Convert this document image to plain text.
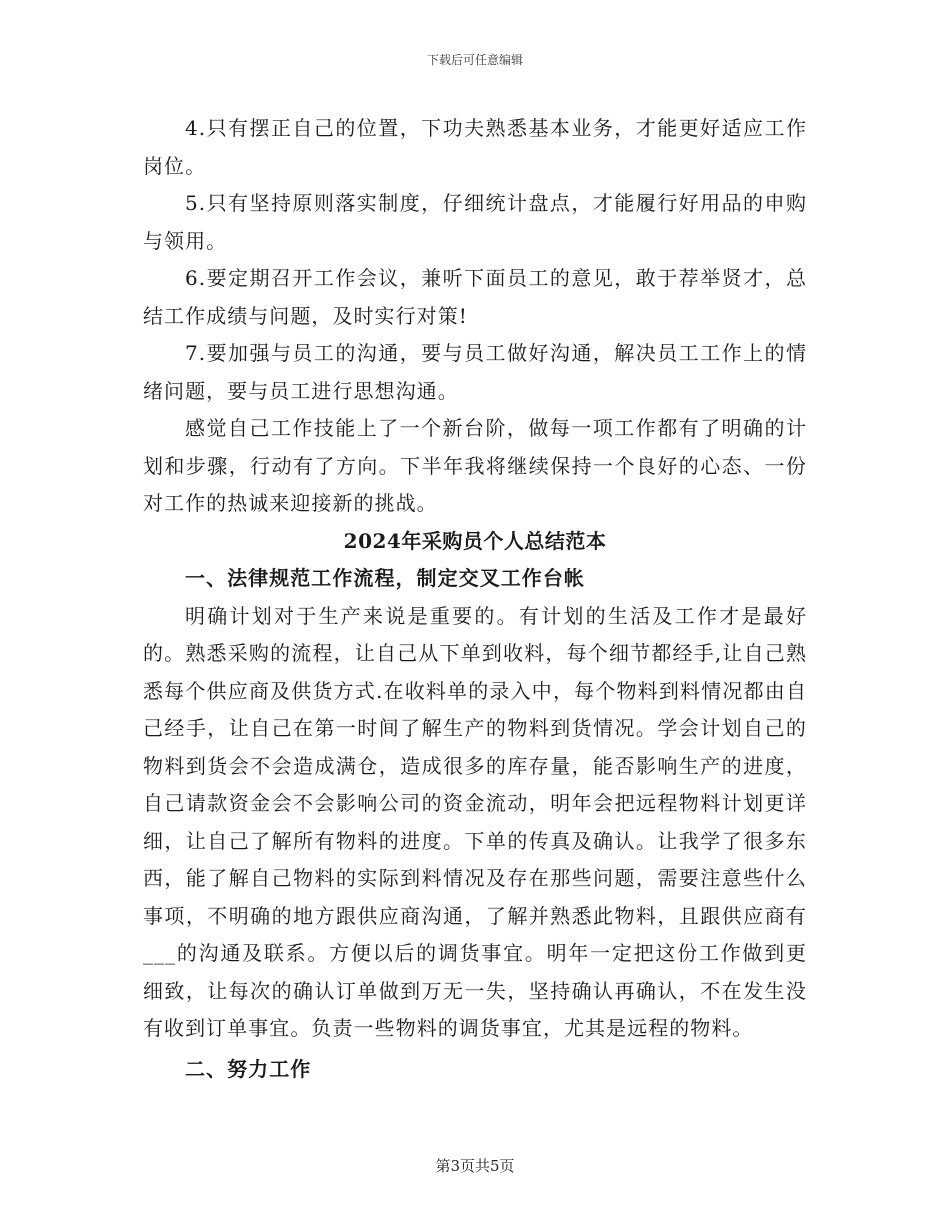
下载后可任意编辑

4.只有摆正自己的位置，下功夫熟悉基本业务，才能更好适应工作岗位。

5.只有坚持原则落实制度，仔细统计盘点，才能履行好用品的申购与领用。

6.要定期召开工作会议，兼听下面员工的意见，敢于荐举贤才，总结工作成绩与问题，及时实行对策!

7.要加强与员工的沟通，要与员工做好沟通，解决员工工作上的情绪问题，要与员工进行思想沟通。

感觉自己工作技能上了一个新台阶，做每一项工作都有了明确的计划和步骤，行动有了方向。下半年我将继续保持一个良好的心态、一份对工作的热诚来迎接新的挑战。

2024年采购员个人总结范本
一、法律规范工作流程，制定交叉工作台帐

明确计划对于生产来说是重要的。有计划的生活及工作才是最好的。熟悉采购的流程，让自己从下单到收料，每个细节都经手,让自己熟悉每个供应商及供货方式.在收料单的录入中，每个物料到料情况都由自己经手，让自己在第一时间了解生产的物料到货情况。学会计划自己的物料到货会不会造成满仓，造成很多的库存量，能否影响生产的进度，自己请款资金会不会影响公司的资金流动，明年会把远程物料计划更详细，让自己了解所有物料的进度。下单的传真及确认。让我学了很多东西，能了解自己物料的实际到料情况及存在那些问题，需要注意些什么事项，不明确的地方跟供应商沟通，了解并熟悉此物料，且跟供应商有___的沟通及联系。方便以后的调货事宜。明年一定把这份工作做到更细致，让每次的确认订单做到万无一失，坚持确认再确认，不在发生没有收到订单事宜。负责一些物料的调货事宜，尤其是远程的物料。

二、努力工作
第3页共5页
